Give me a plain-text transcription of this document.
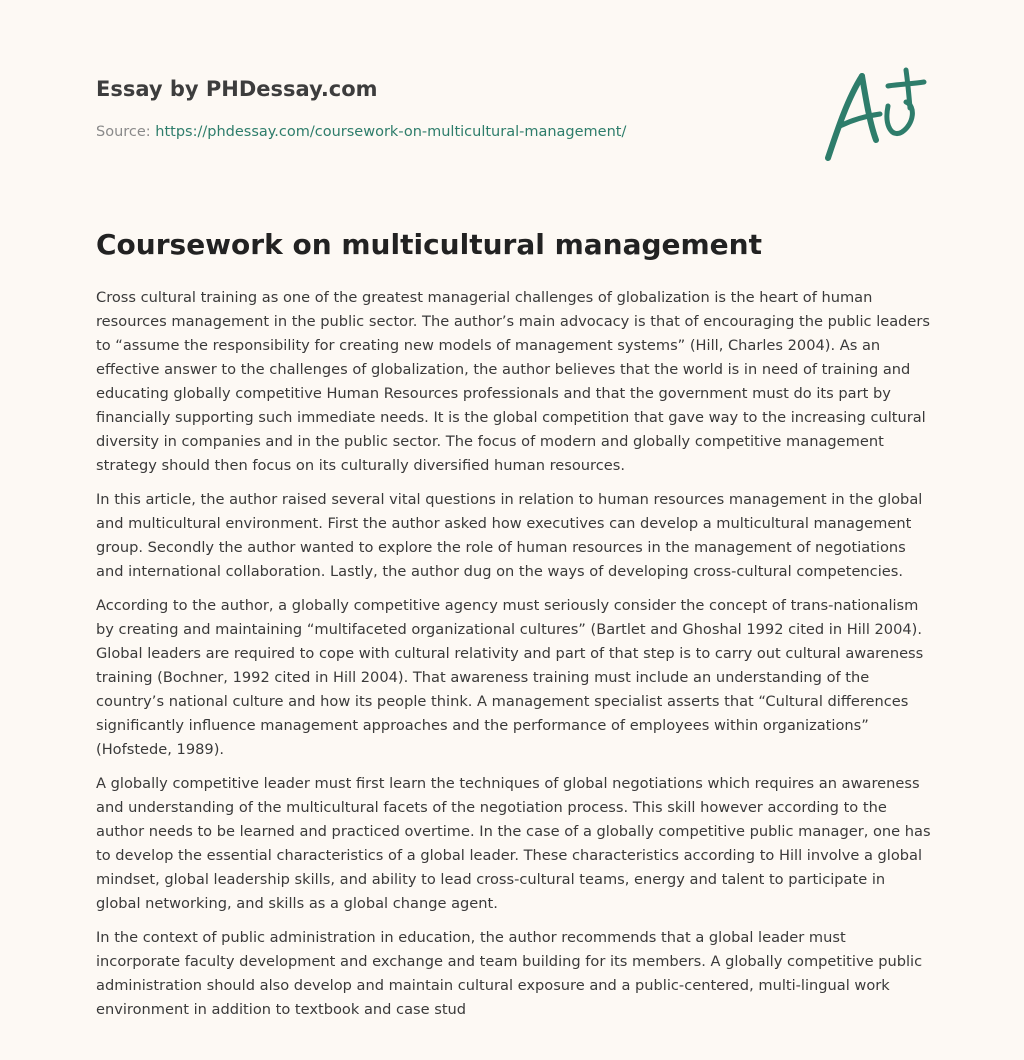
Essay by PHDessay.com
Source: https://phdessay.com/coursework-on-multicultural-management/
Coursework on multicultural management

Cross cultural training as one of the greatest managerial challenges of globalization is the heart of human resources management in the public sector. The author’s main advocacy is that of encouraging the public leaders to “assume the responsibility for creating new models of management systems” (Hill, Charles 2004). As an effective answer to the challenges of globalization, the author believes that the world is in need of training and educating globally competitive Human Resources professionals and that the government must do its part by financially supporting such immediate needs. It is the global competition that gave way to the increasing cultural diversity in companies and in the public sector. The focus of modern and globally competitive management strategy should then focus on its culturally diversified human resources.

In this article, the author raised several vital questions in relation to human resources management in the global and multicultural environment. First the author asked how executives can develop a multicultural management group. Secondly the author wanted to explore the role of human resources in the management of negotiations and international collaboration. Lastly, the author dug on the ways of developing cross-cultural competencies.

According to the author, a globally competitive agency must seriously consider the concept of trans-nationalism by creating and maintaining “multifaceted organizational cultures” (Bartlet and Ghoshal 1992 cited in Hill 2004). Global leaders are required to cope with cultural relativity and part of that step is to carry out cultural awareness training (Bochner, 1992 cited in Hill 2004). That awareness training must include an understanding of the country’s national culture and how its people think. A management specialist asserts that “Cultural differences significantly influence management approaches and the performance of employees within organizations” (Hofstede, 1989).

A globally competitive leader must first learn the techniques of global negotiations which requires an awareness and understanding of the multicultural facets of the negotiation process. This skill however according to the author needs to be learned and practiced overtime. In the case of a globally competitive public manager, one has to develop the essential characteristics of a global leader. These characteristics according to Hill involve a global mindset, global leadership skills, and ability to lead cross-cultural teams, energy and talent to participate in global networking, and skills as a global change agent.

In the context of public administration in education, the author recommends that a global leader must incorporate faculty development and exchange and team building for its members. A globally competitive public administration should also develop and maintain cultural exposure and a public-centered, multi-lingual work environment in addition to textbook and case stud
